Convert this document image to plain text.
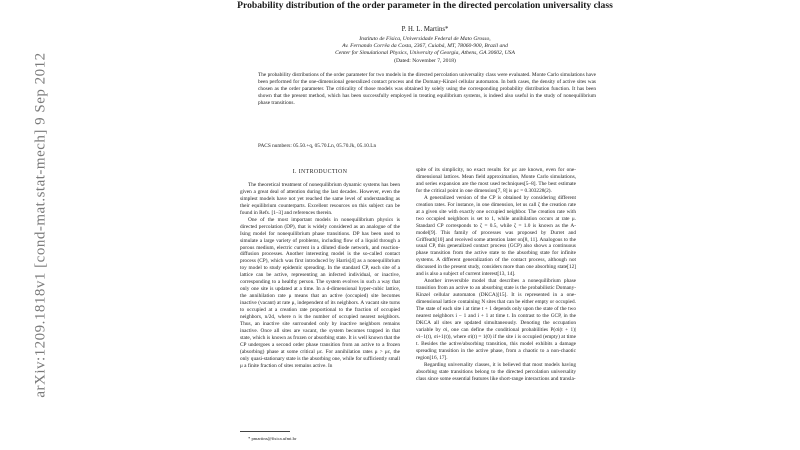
arXiv:1209.1818v1 [cond-mat.stat-mech] 9 Sep 2012
Probability distribution of the order parameter in the directed percolation universality class
P. H. L. Martins*
Instituto de Física, Universidade Federal de Mato Grosso,
Av. Fernando Corrêa da Costa, 2367, Cuiabá, MT, 78060-900, Brazil and
Center for Simulational Physics, University of Georgia, Athens, GA 30602, USA
(Dated: November 7, 2018)

The probability distributions of the order parameter for two models in the directed percolation universality class were evaluated. Monte Carlo simulations have been performed for the one-dimensional generalized contact process and the Domany-Kinzel cellular automaton. In both cases, the density of active sites was chosen as the order parameter. The criticality of those models was obtained by solely using the corresponding probability distribution function. It has been shown that the present method, which has been successfully employed in treating equilibrium systems, is indeed also useful in the study of nonequilibrium phase transitions.

PACS numbers: 05.50.+q, 05.70.Ln, 05.70.Jk, 05.10.Ln
I. INTRODUCTION

The theoretical treatment of nonequilibrium dynamic systems has been given a great deal of attention during the last decades. However, even the simplest models have not yet reached the same level of understanding as their equilibrium counterparts. Excellent resources on this subject can be found in Refs. [1–3] and references therein.

One of the most important models in nonequilibrium physics is directed percolation (DP), that is widely considered as an analogue of the Ising model for nonequilibrium phase transitions. DP has been used to simulate a large variety of problems, including flow of a liquid through a porous medium, electric current in a diluted diode network, and reaction-diffusion processes. Another interesting model is the so-called contact process (CP), which was first introduced by Harris[4] as a nonequilibrium toy model to study epidemic spreading. In the standard CP, each site of a lattice can be active, representing an infected individual, or inactive, corresponding to a healthy person. The system evolves in such a way that only one site is updated at a time. In a d-dimensional hyper-cubic lattice, the annihilation rate μ means that an active (occupied) site becomes inactive (vacant) at rate μ, independent of its neighbors. A vacant site turns to occupied at a creation rate proportional to the fraction of occupied neighbors, n/2d, where n is the number of occupied nearest neighbors. Thus, an inactive site surrounded only by inactive neighbors remains inactive. Once all sites are vacant, the system becomes trapped in that state, which is known as frozen or absorbing state. It is well known that the CP undergoes a second order phase transition from an active to a frozen (absorbing) phase at some critical μc. For annihilation rates μ > μc, the only quasi-stationary state is the absorbing one, while for sufficiently small μ a finite fraction of sites remains active. In

spite of its simplicity, no exact results for μc are known, even for one-dimensional lattices. Mean field approximation, Monte Carlo simulations, and series expansion are the most used techniques[5–8]. The best estimate for the critical point in one dimension[7, 8] is μc = 0.303228(2).

A generalized version of the CP is obtained by considering different creation rates. For instance, in one dimension, let us call ζ the creation rate at a given site with exactly one occupied neighbor. The creation rate with two occupied neighbors is set to 1, while annihilation occurs at rate μ. Standard CP corresponds to ζ = 0.5, while ζ = 1.0 is known as the A-model[9]. This family of processes was proposed by Durret and Griffeath[10] and received some attention later on[8, 11]. Analogous to the usual CP, this generalized contact process (GCP) also shows a continuous phase transition from the active state to the absorbing state for infinite systems. A different generalization of the contact process, although not discussed in the present study, considers more than one absorbing state[12] and is also a subject of current interest[13, 14].

Another irreversible model that describes a nonequilibrium phase transition from an active to an absorbing state is the probabilistic Domany-Kinzel cellular automaton (DKCA)[15]. It is represented in a one-dimensional lattice containing N sites that can be either empty or occupied. The state of each site i at time t + 1 depends only upon the state of the two nearest neighbors i − 1 and i + 1 at time t. In contrast to the GCP, in the DKCA all sites are updated simultaneously. Denoting the occupation variable by σi, one can define the conditional probabilities P(σi(t + 1)|σi−1(t), σi+1(t)), where σi(t) = 1(0) if the site i is occupied (empty) at time t. Besides the active/absorbing transition, this model exhibits a damage spreading transition in the active phase, from a chaotic to a non-chaotic region[16, 17].

Regarding universality classes, it is believed that most models having absorbing state transitions belong to the directed percolation universality class since some essential features like short-range interactions and transla-

* pmartins@fisica.ufmt.br
